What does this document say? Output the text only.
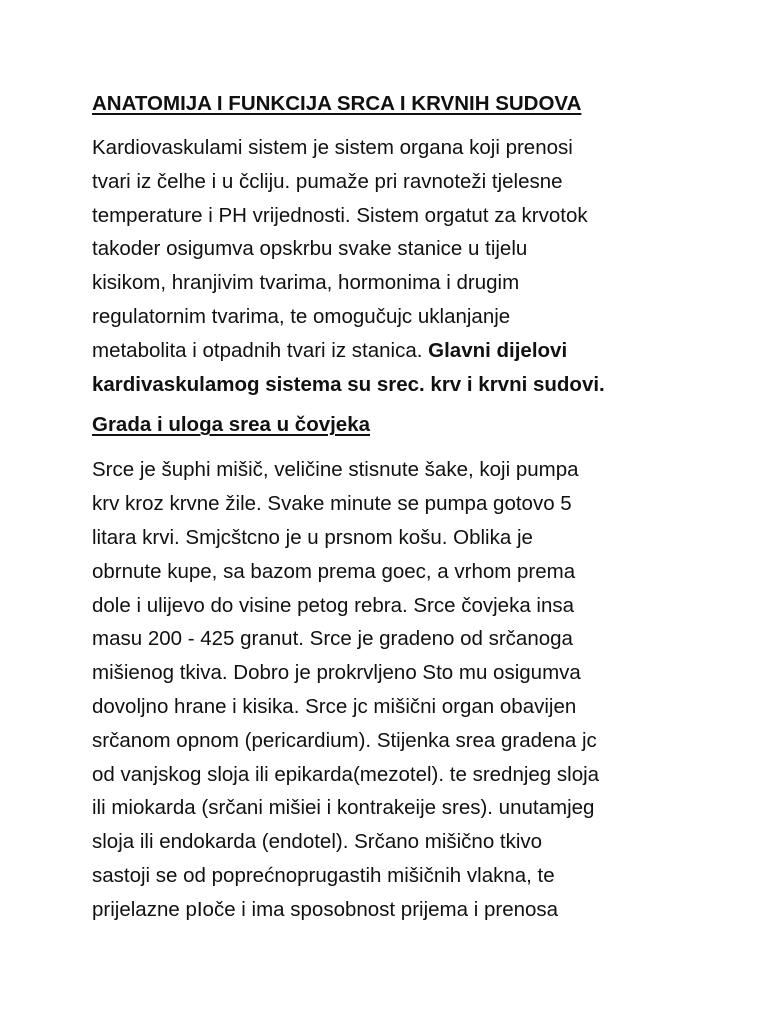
ANATOMIJA I FUNKCIJA SRCA I KRVNIH SUDOVA

Kardiovaskulami sistem je sistem organa koji prenosi
tvari iz čelhe i u čcliju. pumaže pri ravnoteži tjelesne
temperature i PH vrijednosti. Sistem orgatut za krvotok
takoder osigumva opskrbu svake stanice u tijelu
kisikom, hranjivim tvarima, hormonima i drugim
regulatornim tvarima, te omogučujc uklanjanje
metabolita i otpadnih tvari iz stanica. Glavni dijelovi
kardivaskulamog sistema su srec. krv i krvni sudovi.

Grada i uloga srea u čovjeka

Srce je šuphi mišič, veličine stisnute šake, koji pumpa
krv kroz krvne žile. Svake minute se pumpa gotovo 5
litara krvi. Smjcštcno je u prsnom košu. Oblika je
obrnute kupe, sa bazom prema goec, a vrhom prema
dole i ulijevo do visine petog rebra. Srce čovjeka insa
masu 200 - 425 granut. Srce je gradeno od srčanoga
mišienog tkiva. Dobro je prokrvljeno Sto mu osigumva
dovoljno hrane i kisika. Srce jc mišični organ obavijen
srčanom opnom (pericardium). Stijenka srea gradena jc
od vanjskog sloja ili epikarda(mezotel). te srednjeg sloja
ili miokarda (srčani mišiei i kontrakeije sres). unutamjeg
sloja ili endokarda (endotel). Srčano mišično tkivo
sastoji se od poprećnoprugastih mišičnih vlakna, te
prijelazne pIoče i ima sposobnost prijema i prenosa
